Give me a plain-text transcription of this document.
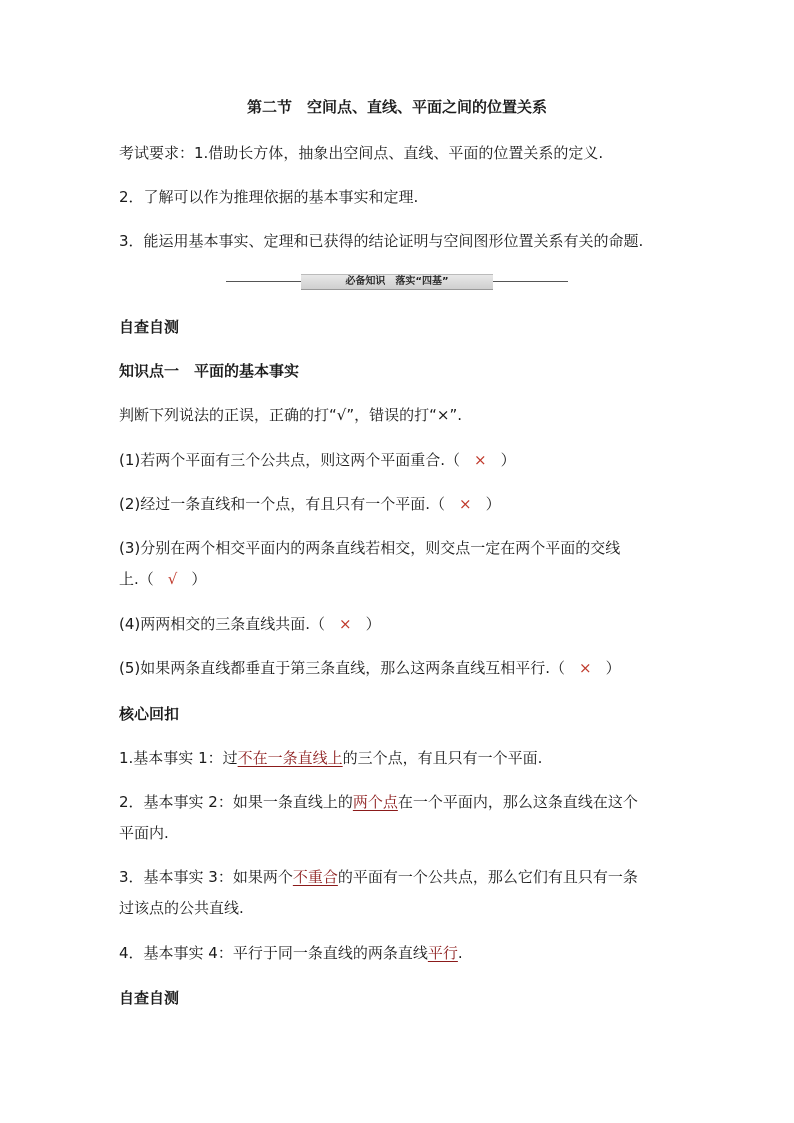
第二节　空间点、直线、平面之间的位置关系
考试要求：1.借助长方体，抽象出空间点、直线、平面的位置关系的定义.
2．了解可以作为推理依据的基本事实和定理.
3．能运用基本事实、定理和已获得的结论证明与空间图形位置关系有关的命题.
必备知识　落实“四基”
自查自测
知识点一　平面的基本事实
判断下列说法的正误，正确的打“√”，错误的打“×”.
(1)若两个平面有三个公共点，则这两个平面重合.（ × ）
(2)经过一条直线和一个点，有且只有一个平面.（ × ）
(3)分别在两个相交平面内的两条直线若相交，则交点一定在两个平面的交线
上.（ √ ）
(4)两两相交的三条直线共面.（ × ）
(5)如果两条直线都垂直于第三条直线，那么这两条直线互相平行.（ × ）
核心回扣
1.基本事实 1：过不在一条直线上的三个点，有且只有一个平面.
2．基本事实 2：如果一条直线上的两个点在一个平面内，那么这条直线在这个
平面内.
3．基本事实 3：如果两个不重合的平面有一个公共点，那么它们有且只有一条
过该点的公共直线.
4．基本事实 4：平行于同一条直线的两条直线平行.
自查自测
